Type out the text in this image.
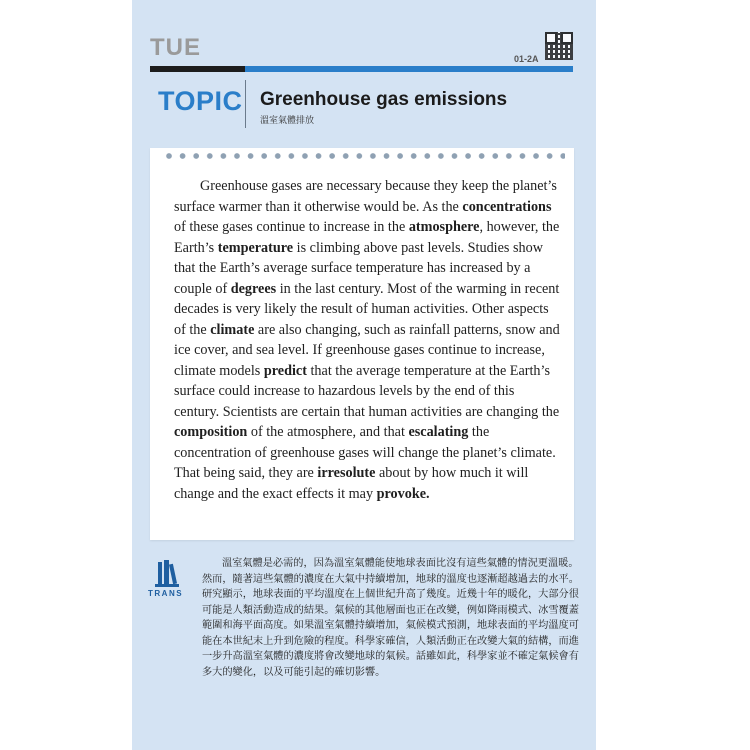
TUE	01-2A
TOPIC Greenhouse gas emissions
溫室氣體排放
Greenhouse gases are necessary because they keep the planet’s
surface warmer than it otherwise would be. As the concentrations
of these gases continue to increase in the atmosphere, however, the
Earth’s temperature is climbing above past levels. Studies show
that the Earth’s average surface temperature has increased by a
couple of degrees in the last century. Most of the warming in recent
decades is very likely the result of human activities. Other aspects
of the climate are also changing, such as rainfall patterns, snow and
ice cover, and sea level. If greenhouse gases continue to increase,
climate models predict that the average temperature at the Earth’s
surface could increase to hazardous levels by the end of this
century. Scientists are certain that human activities are changing the
composition of the atmosphere, and that escalating the
concentration of greenhouse gases will change the planet’s climate.
That being said, they are irresolute about by how much it will
change and the exact effects it may provoke.
TRANS
溫室氣體是必需的，因為溫室氣體能使地球表面比沒有這些氣體的情況更溫暖。
然而，隨著這些氣體的濃度在大氣中持續增加，地球的溫度也逐漸超越過去的水平。
研究顯示，地球表面的平均溫度在上個世紀升高了幾度。近幾十年的暖化，大部分很
可能是人類活動造成的結果。氣候的其他層面也正在改變，例如降雨模式、冰雪覆蓋
範圍和海平面高度。如果溫室氣體持續增加，氣候模式預測，地球表面的平均溫度可
能在本世紀末上升到危險的程度。科學家確信，人類活動正在改變大氣的結構，而進
一步升高溫室氣體的濃度將會改變地球的氣候。話雖如此，科學家並不確定氣候會有
多大的變化，以及可能引起的確切影響。
